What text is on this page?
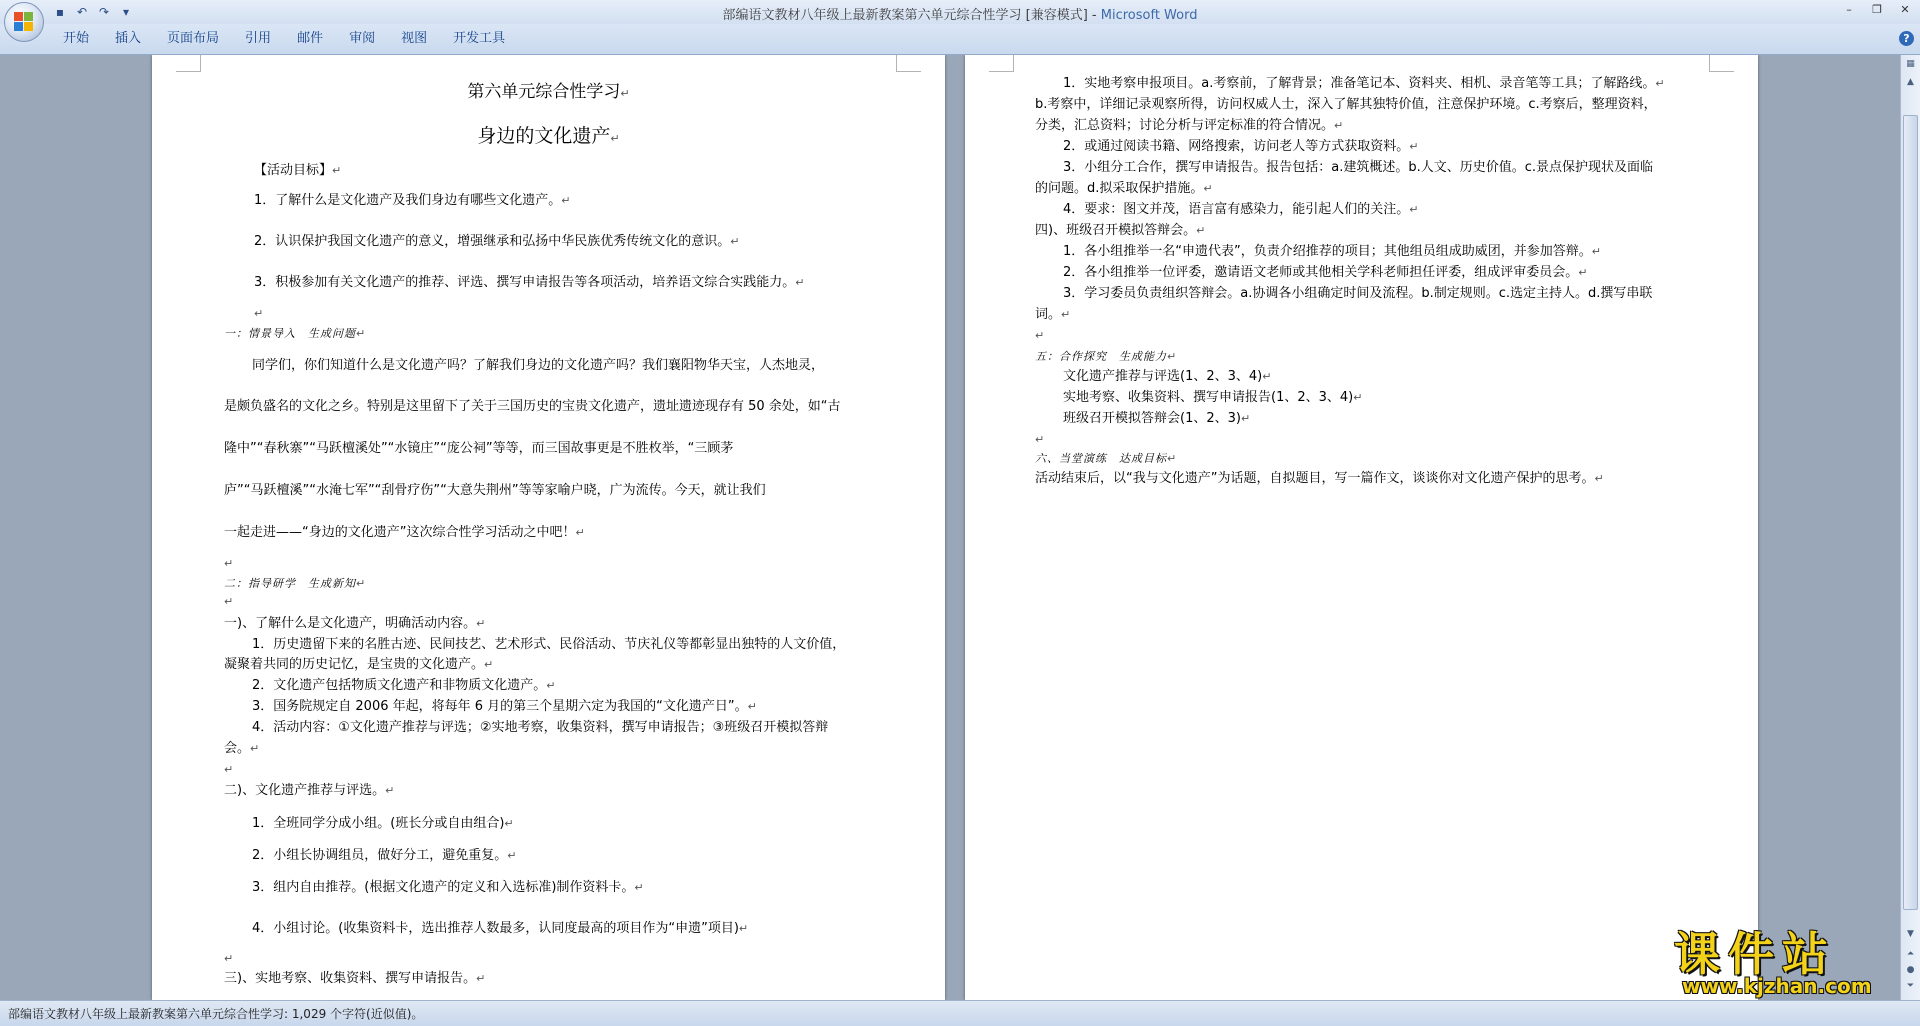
▪	↶ ↷	▾	部编语文教材八年级上最新教案第六单元综合性学习 [兼容模式] - Microsoft Word	–	❐	✕
开始	插入	页面布局	引用	邮件	审阅	视图	开发工具	?
第六单元综合性学习↵
身边的文化遗产↵
【活动目标】↵
1．了解什么是文化遗产及我们身边有哪些文化遗产。↵
2．认识保护我国文化遗产的意义，增强继承和弘扬中华民族优秀传统文化的意识。↵
3．积极参加有关文化遗产的推荐、评选、撰写申请报告等各项活动，培养语文综合实践能力。↵
↵
一：情景导入　生成问题↵
同学们，你们知道什么是文化遗产吗？了解我们身边的文化遗产吗？我们襄阳物华天宝，人杰地灵，
是颇负盛名的文化之乡。特别是这里留下了关于三国历史的宝贵文化遗产，遗址遗迹现存有 50 余处，如“古
隆中”“春秋寨”“马跃檀溪处”“水镜庄”“庞公祠”等等，而三国故事更是不胜枚举，“三顾茅
庐”“马跃檀溪”“水淹七军”“刮骨疗伤”“大意失荆州”等等家喻户晓，广为流传。今天，就让我们
一起走进——“身边的文化遗产”这次综合性学习活动之中吧！↵
↵
二：指导研学　生成新知↵
↵
一)、了解什么是文化遗产，明确活动内容。↵
1．历史遗留下来的名胜古迹、民间技艺、艺术形式、民俗活动、节庆礼仪等都彰显出独特的人文价值，
凝聚着共同的历史记忆，是宝贵的文化遗产。↵
2．文化遗产包括物质文化遗产和非物质文化遗产。↵
3．国务院规定自 2006 年起，将每年 6 月的第三个星期六定为我国的“文化遗产日”。↵
4．活动内容：①文化遗产推荐与评选；②实地考察，收集资料，撰写申请报告；③班级召开模拟答辩
会。↵
↵
二)、文化遗产推荐与评选。↵
1．全班同学分成小组。(班长分或自由组合)↵
2．小组长协调组员，做好分工，避免重复。↵
3．组内自由推荐。(根据文化遗产的定义和入选标准)制作资料卡。↵
4．小组讨论。(收集资料卡，选出推荐人数最多，认同度最高的项目作为“申遗”项目)↵
↵
三)、实地考察、收集资料、撰写申请报告。↵
1．实地考察申报项目。a.考察前，了解背景；准备笔记本、资料夹、相机、录音笔等工具；了解路线。↵
b.考察中，详细记录观察所得，访问权威人士，深入了解其独特价值，注意保护环境。c.考察后，整理资料，
分类，汇总资料；讨论分析与评定标准的符合情况。↵
2．或通过阅读书籍、网络搜索，访问老人等方式获取资料。↵
3．小组分工合作，撰写申请报告。报告包括：a.建筑概述。b.人文、历史价值。c.景点保护现状及面临
的问题。d.拟采取保护措施。↵
4．要求：图文并茂，语言富有感染力，能引起人们的关注。↵
四)、班级召开模拟答辩会。↵
1．各小组推举一名“申遗代表”，负责介绍推荐的项目；其他组员组成助威团，并参加答辩。↵
2．各小组推举一位评委，邀请语文老师或其他相关学科老师担任评委，组成评审委员会。↵
3．学习委员负责组织答辩会。a.协调各小组确定时间及流程。b.制定规则。c.选定主持人。d.撰写串联
词。↵
↵
五：合作探究　生成能力↵
文化遗产推荐与评选(1、2、3、4)↵
实地考察、收集资料、撰写申请报告(1、2、3、4)↵
班级召开模拟答辩会(1、2、3)↵
↵
六、当堂演练　达成目标↵
活动结束后，以“我与文化遗产”为话题，自拟题目，写一篇作文，谈谈你对文化遗产保护的思考。↵
▦
▲
▼
⏶
●
⏷
课件站
www.kjzhan.com
部编语文教材八年级上最新教案第六单元综合性学习: 1,029 个字符(近似值)。
